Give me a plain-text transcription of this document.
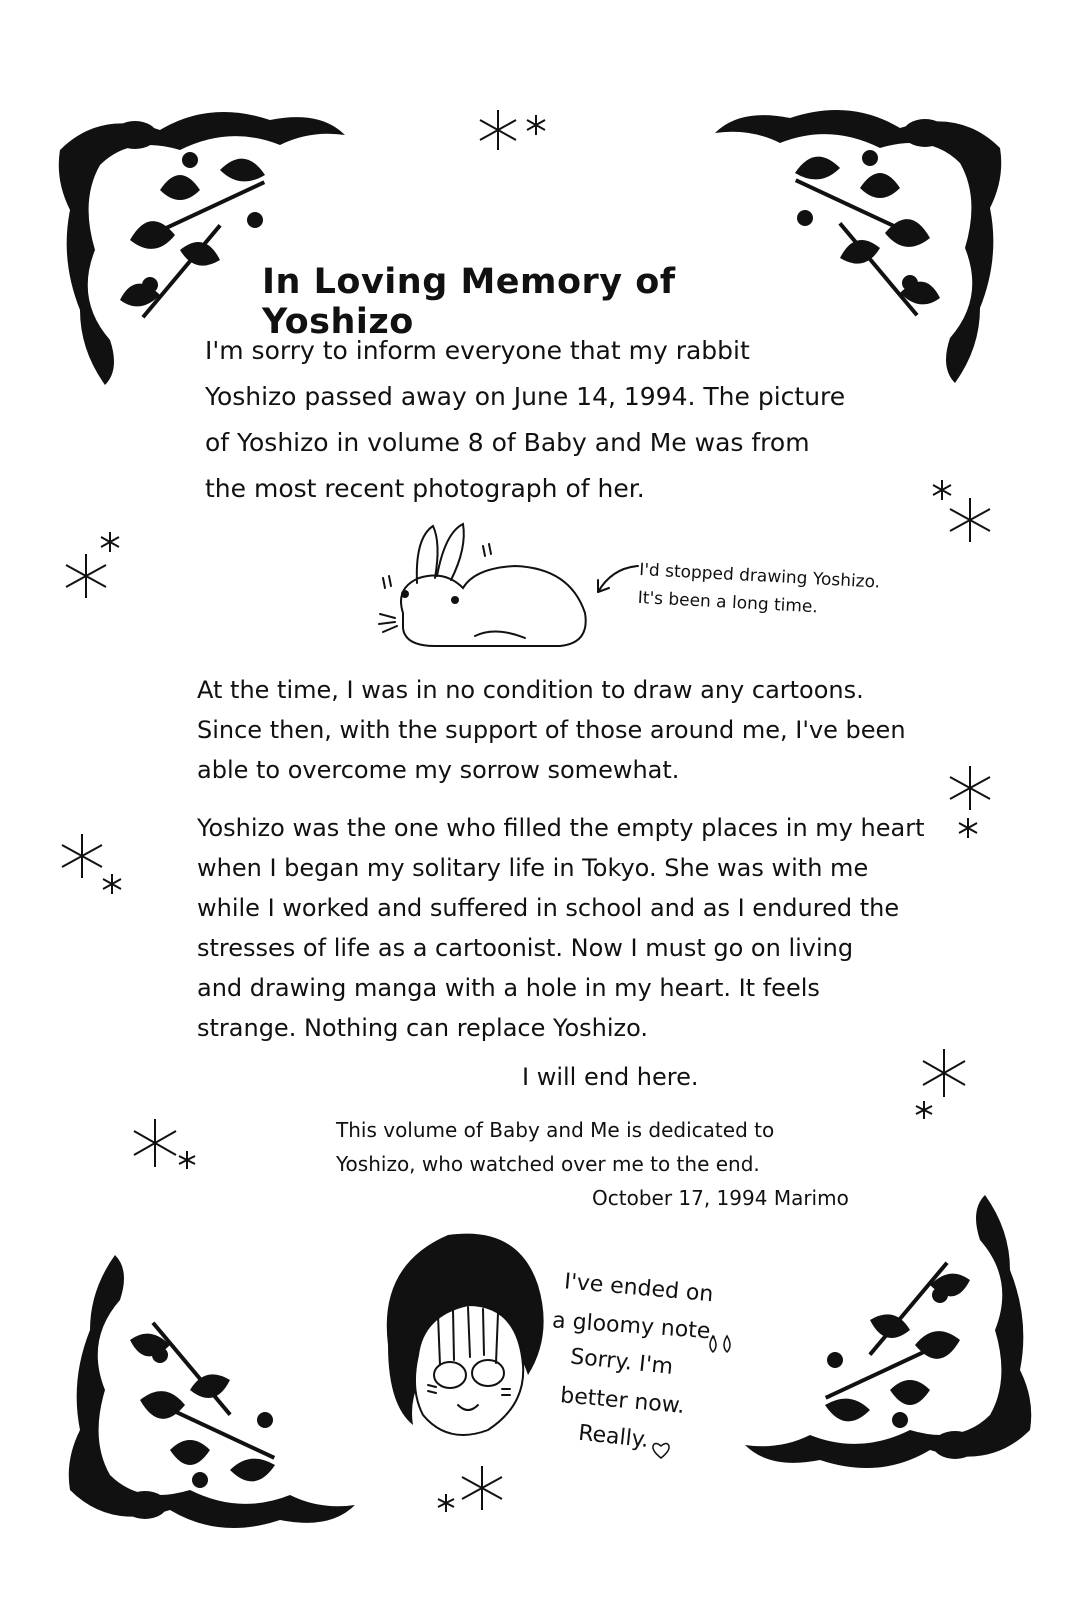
In Loving Memory of Yoshizo
I'm sorry to inform everyone that my rabbit
Yoshizo passed away on June 14, 1994. The picture
of Yoshizo in volume 8 of Baby and Me was from
the most recent photograph of her.
I'd stopped drawing Yoshizo.
It's been a long time.
At the time, I was in no condition to draw any cartoons.
Since then, with the support of those around me, I've been
able to overcome my sorrow somewhat.
Yoshizo was the one who filled the empty places in my heart
when I began my solitary life in Tokyo. She was with me
while I worked and suffered in school and as I endured the
stresses of life as a cartoonist. Now I must go on living
and drawing manga with a hole in my heart. It feels
strange. Nothing can replace Yoshizo.
I will end here.
This volume of Baby and Me is dedicated to
Yoshizo, who watched over me to the end.
October 17, 1994 Marimo
I've ended on
a gloomy note.
Sorry. I'm
better now.
Really.
